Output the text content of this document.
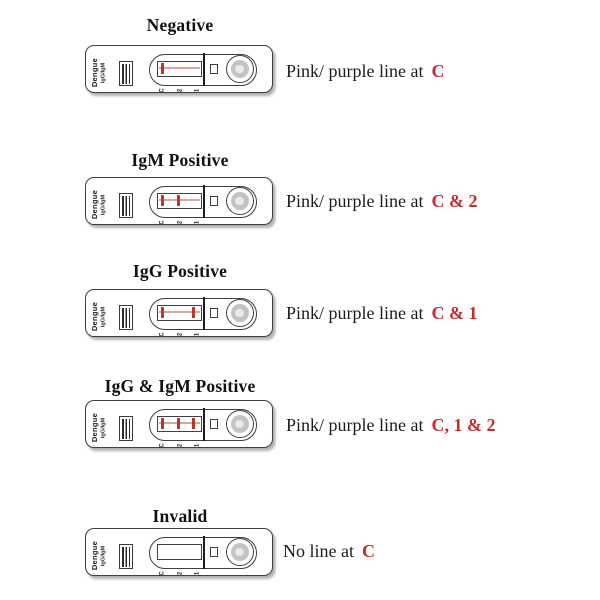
Negative
Dengue IgG/IgM
C	2	1
Pink/ purple line at C
IgM Positive
Dengue IgG/IgM
C	2	1
Pink/ purple line at C & 2
IgG Positive
Dengue IgG/IgM
C	2	1
Pink/ purple line at C & 1
IgG & IgM Positive
Dengue IgG/IgM
C	2	1
Pink/ purple line at C, 1 & 2
Invalid
Dengue IgG/IgM
C	2	1
No line at C
